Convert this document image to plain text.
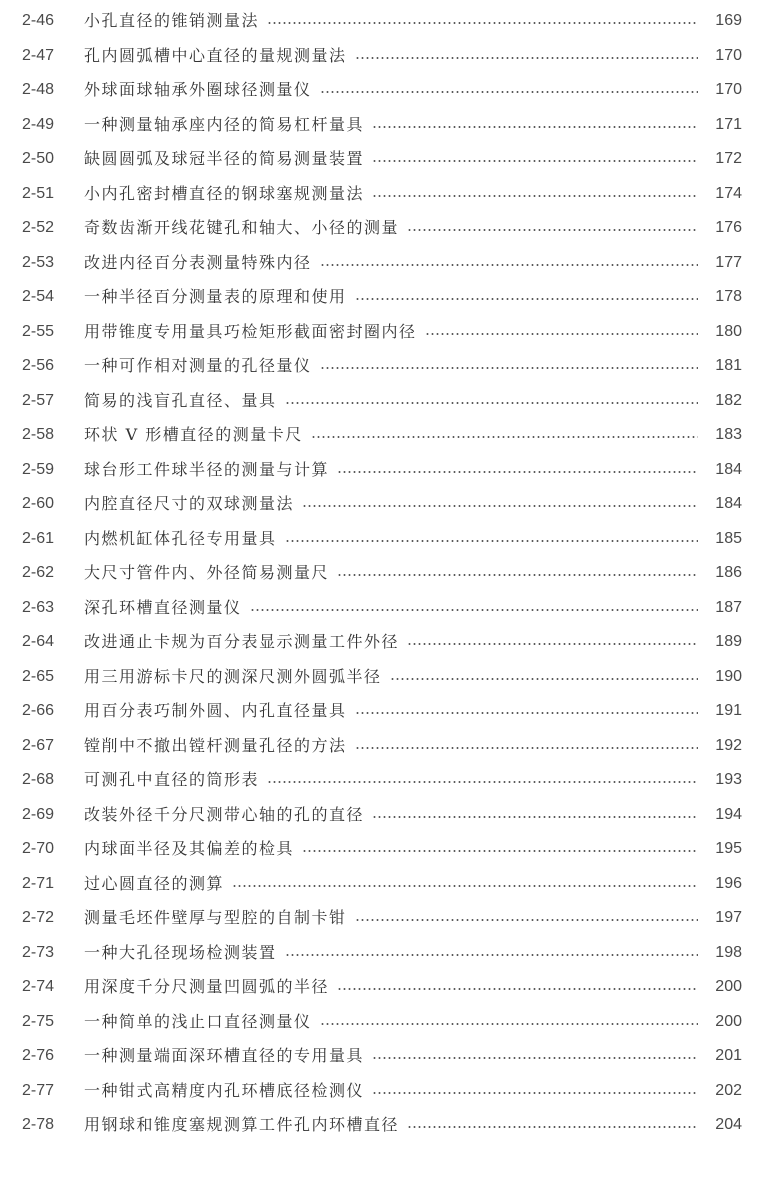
2-46	小孔直径的锥销测量法	169
2-47	孔内圆弧槽中心直径的量规测量法	170
2-48	外球面球轴承外圈球径测量仪	170
2-49	一种测量轴承座内径的简易杠杆量具	171
2-50	缺圆圆弧及球冠半径的简易测量装置	172
2-51	小内孔密封槽直径的钢球塞规测量法	174
2-52	奇数齿渐开线花键孔和轴大、小径的测量	176
2-53	改进内径百分表测量特殊内径	177
2-54	一种半径百分测量表的原理和使用	178
2-55	用带锥度专用量具巧检矩形截面密封圈内径	180
2-56	一种可作相对测量的孔径量仪	181
2-57	简易的浅盲孔直径、量具	182
2-58	环状 V 形槽直径的测量卡尺	183
2-59	球台形工件球半径的测量与计算	184
2-60	内腔直径尺寸的双球测量法	184
2-61	内燃机缸体孔径专用量具	185
2-62	大尺寸管件内、外径简易测量尺	186
2-63	深孔环槽直径测量仪	187
2-64	改进通止卡规为百分表显示测量工件外径	189
2-65	用三用游标卡尺的测深尺测外圆弧半径	190
2-66	用百分表巧制外圆、内孔直径量具	191
2-67	镗削中不撤出镗杆测量孔径的方法	192
2-68	可测孔中直径的筒形表	193
2-69	改装外径千分尺测带心轴的孔的直径	194
2-70	内球面半径及其偏差的检具	195
2-71	过心圆直径的测算	196
2-72	测量毛坯件壁厚与型腔的自制卡钳	197
2-73	一种大孔径现场检测装置	198
2-74	用深度千分尺测量凹圆弧的半径	200
2-75	一种简单的浅止口直径测量仪	200
2-76	一种测量端面深环槽直径的专用量具	201
2-77	一种钳式高精度内孔环槽底径检测仪	202
2-78	用钢球和锥度塞规测算工件孔内环槽直径	204
